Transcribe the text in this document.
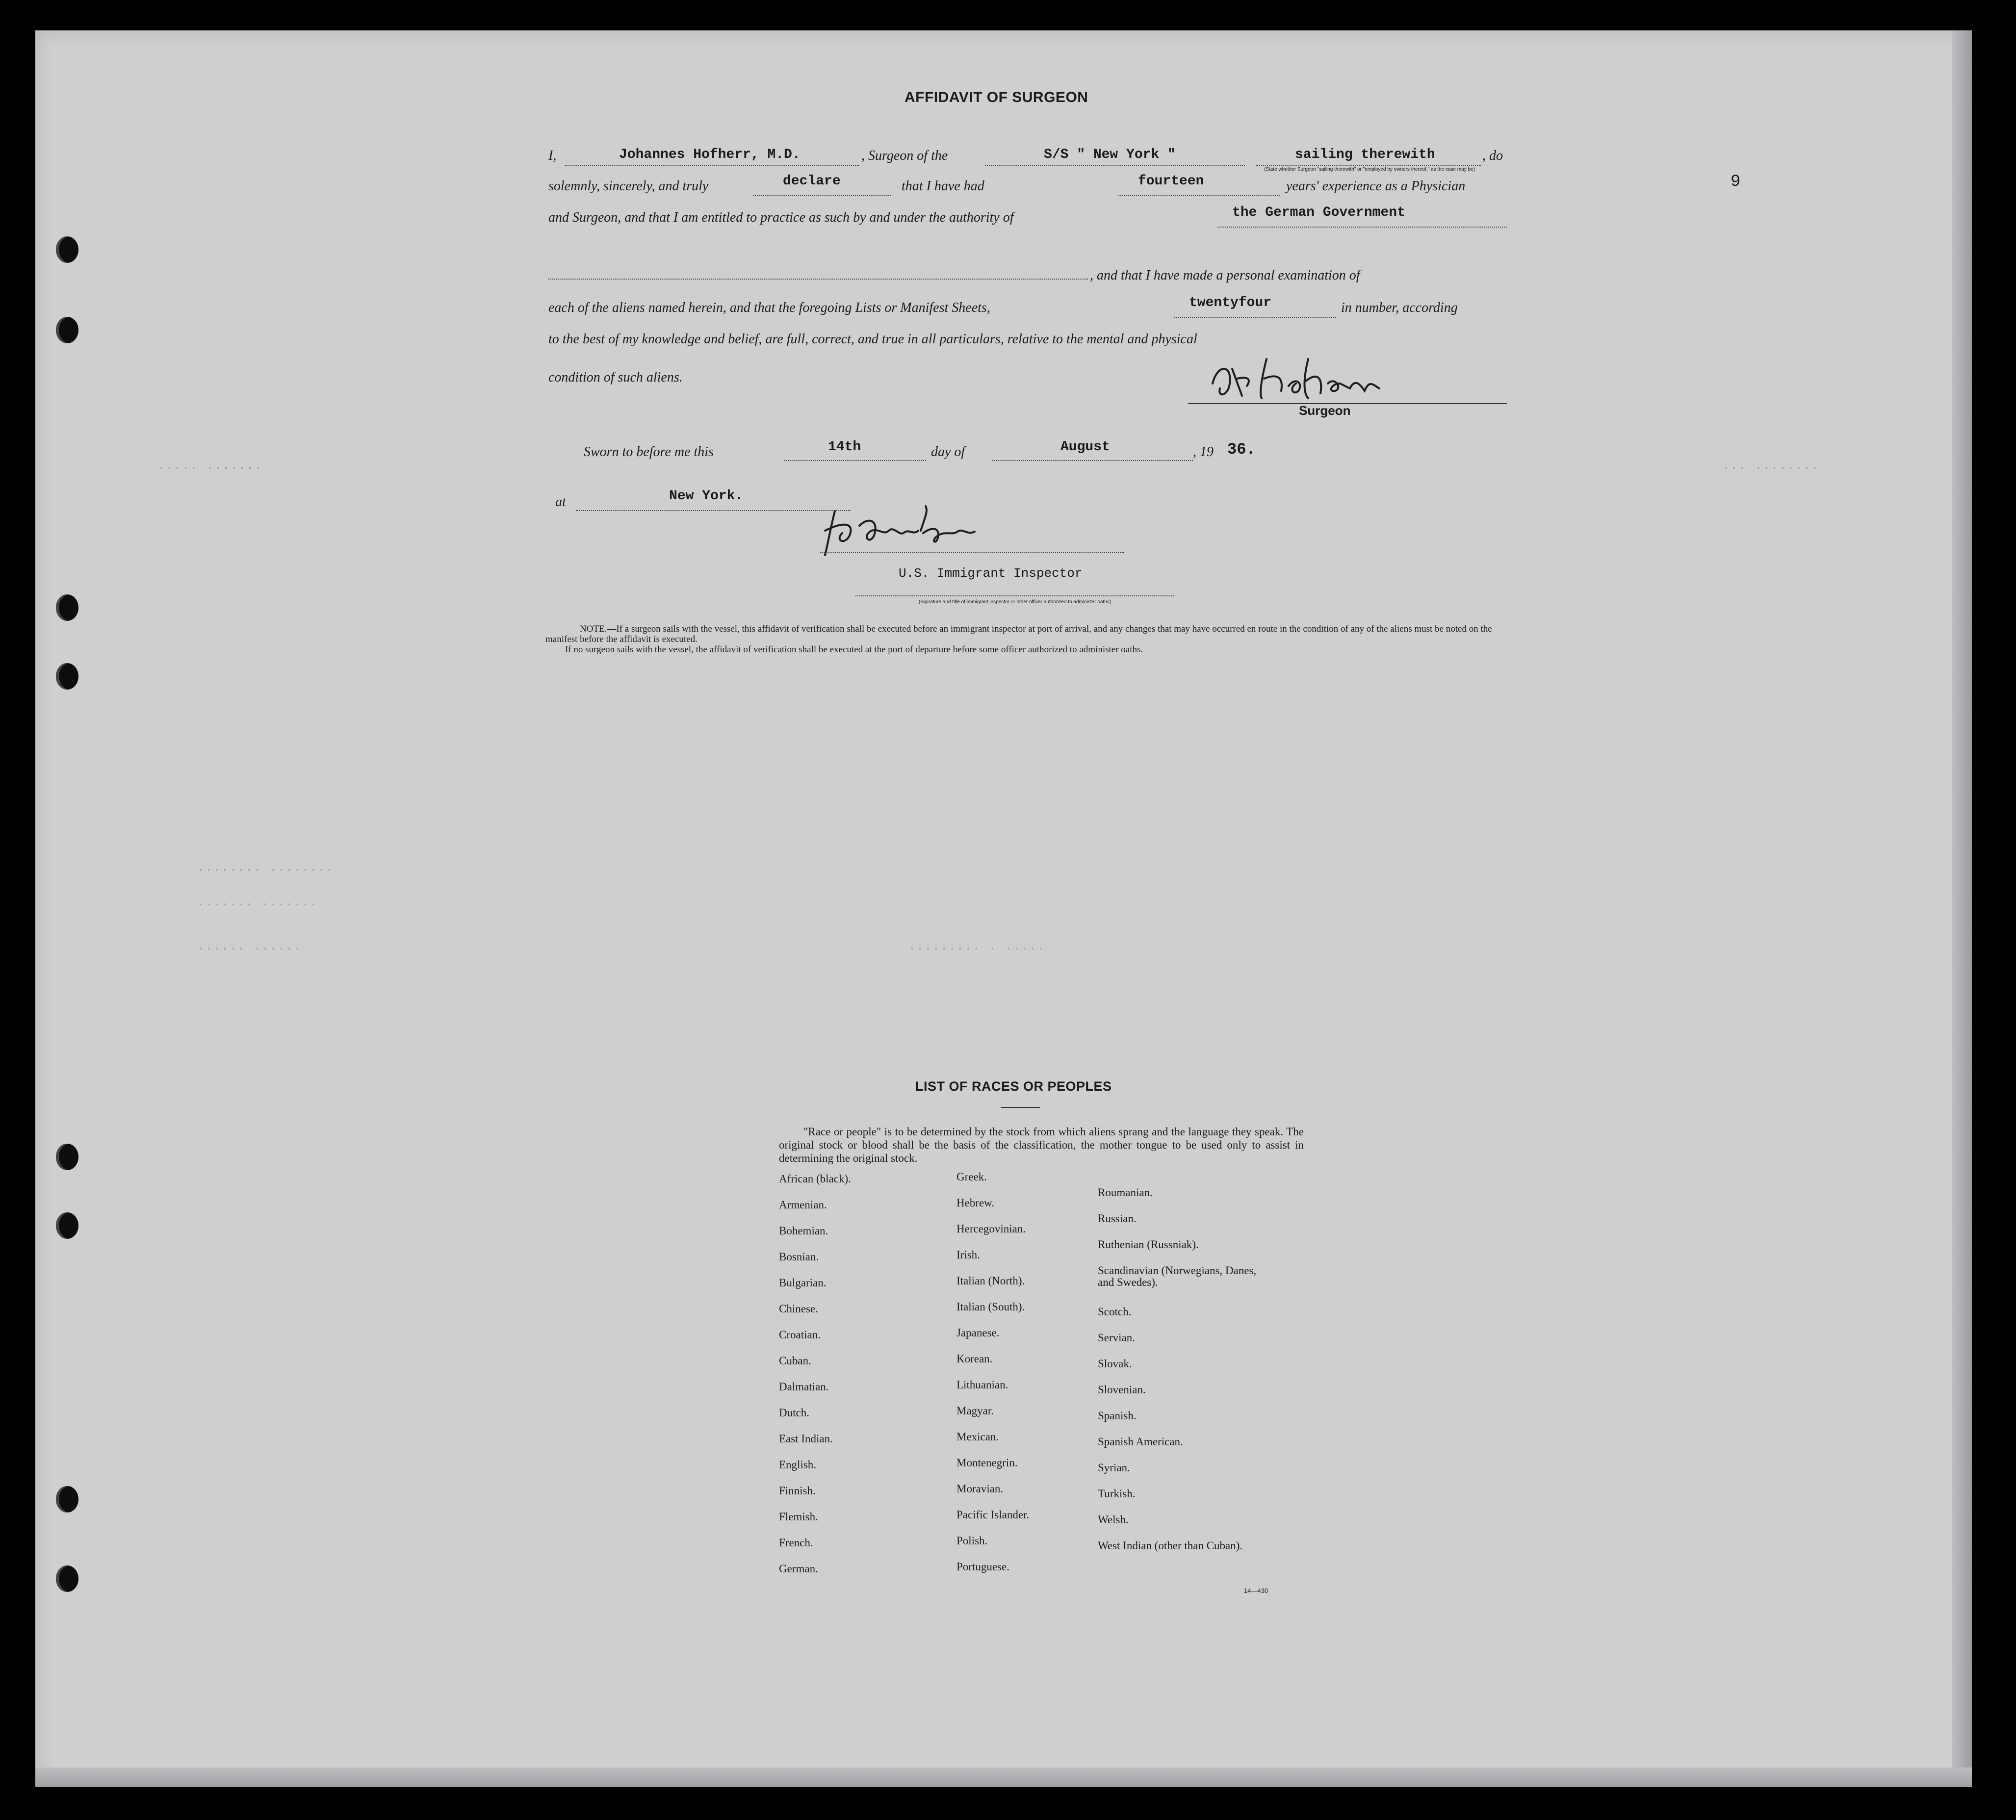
9
····· ·······	··· ········
········ ········
······· ·······
········· · ·····
······ ······
AFFIDAVIT OF SURGEON
I,	Johannes Hofherr, M.D.	, Surgeon of the	S/S " New York "	sailing therewith
(State whether Surgeon "sailing therewith" or "employed by owners thereof," as the case may be)
, do
solemnly, sincerely, and truly	declare	that I have had	fourteen	years' experience as a Physician
and Surgeon, and that I am entitled to practice as such by and under the authority of	the German Government
, and that I have made a personal examination of
each of the aliens named herein, and that the foregoing Lists or Manifest Sheets,	twentyfour	in number, according
to the best of my knowledge and belief, are full, correct, and true in all particulars, relative to the mental and physical
condition of such aliens.
Surgeon
Sworn to before me this	14th	day of	August	, 19 36.
at	New York.
U.S. Immigrant Inspector
(Signature and title of immigrant inspector or other officer authorized to administer oaths)
NOTE.—If a surgeon sails with the vessel, this affidavit of verification shall be executed before an immigrant inspector at port of arrival, and any changes that may have occurred en route in the condition of any of the aliens must be noted on the manifest before the affidavit is executed.
If no surgeon sails with the vessel, the affidavit of verification shall be executed at the port of departure before some officer authorized to administer oaths.
LIST OF RACES OR PEOPLES
"Race or people" is to be determined by the stock from which aliens sprang and the language they speak. The original stock or blood shall be the basis of the classification, the mother tongue to be used only to assist in determining the original stock.
African (black).
Armenian.
Bohemian.
Bosnian.
Bulgarian.
Chinese.
Croatian.
Cuban.
Dalmatian.
Dutch.
East Indian.
English.
Finnish.
Flemish.
French.
German.
Greek.
Hebrew.
Hercegovinian.
Irish.
Italian (North).
Italian (South).
Japanese.
Korean.
Lithuanian.
Magyar.
Mexican.
Montenegrin.
Moravian.
Pacific Islander.
Polish.
Portuguese.
Roumanian.
Russian.
Ruthenian (Russniak).
Scandinavian (Norwegians, Danes, and Swedes).
Scotch.
Servian.
Slovak.
Slovenian.
Spanish.
Spanish American.
Syrian.
Turkish.
Welsh.
West Indian (other than Cuban).
14—430
